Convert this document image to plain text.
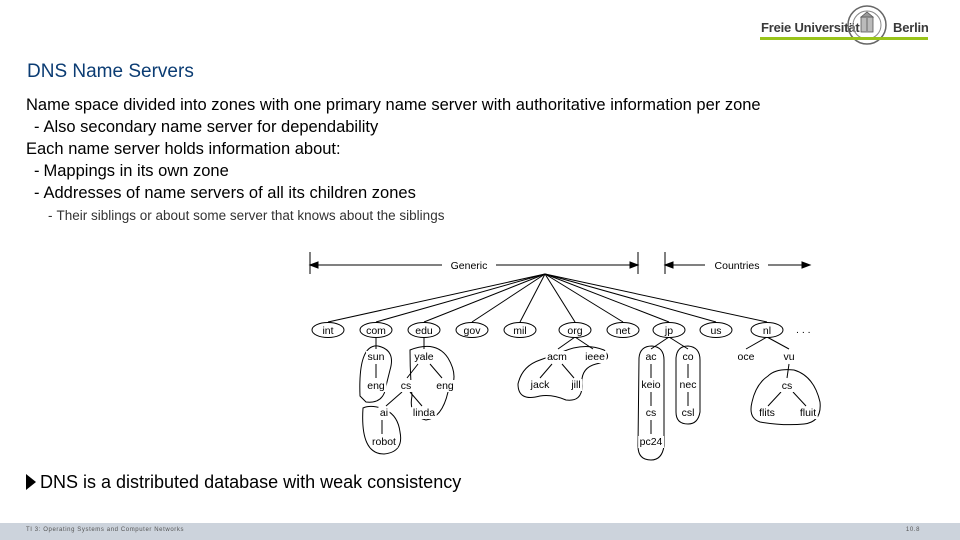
Freie Universität	Berlin
DNS Name Servers
Name space divided into zones with one primary name server with authoritative information per zone
- Also secondary name server for dependability
Each name server holds information about:
- Mappings in its own zone
- Addresses of name servers of all its children zones
- Their siblings or about some server that knows about the siblings
Generic	Countries
int	com	edu	gov	mil	org	net	jp	us	nl . . .
sun	yale
eng cs eng
ai linda
robot
acm ieee
jack jill
ac co
keio nec
cs csl
pc24
oce	vu
cs
flits fluit
DNS is a distributed database with weak consistency
TI 3: Operating Systems and Computer Networks	10.8
